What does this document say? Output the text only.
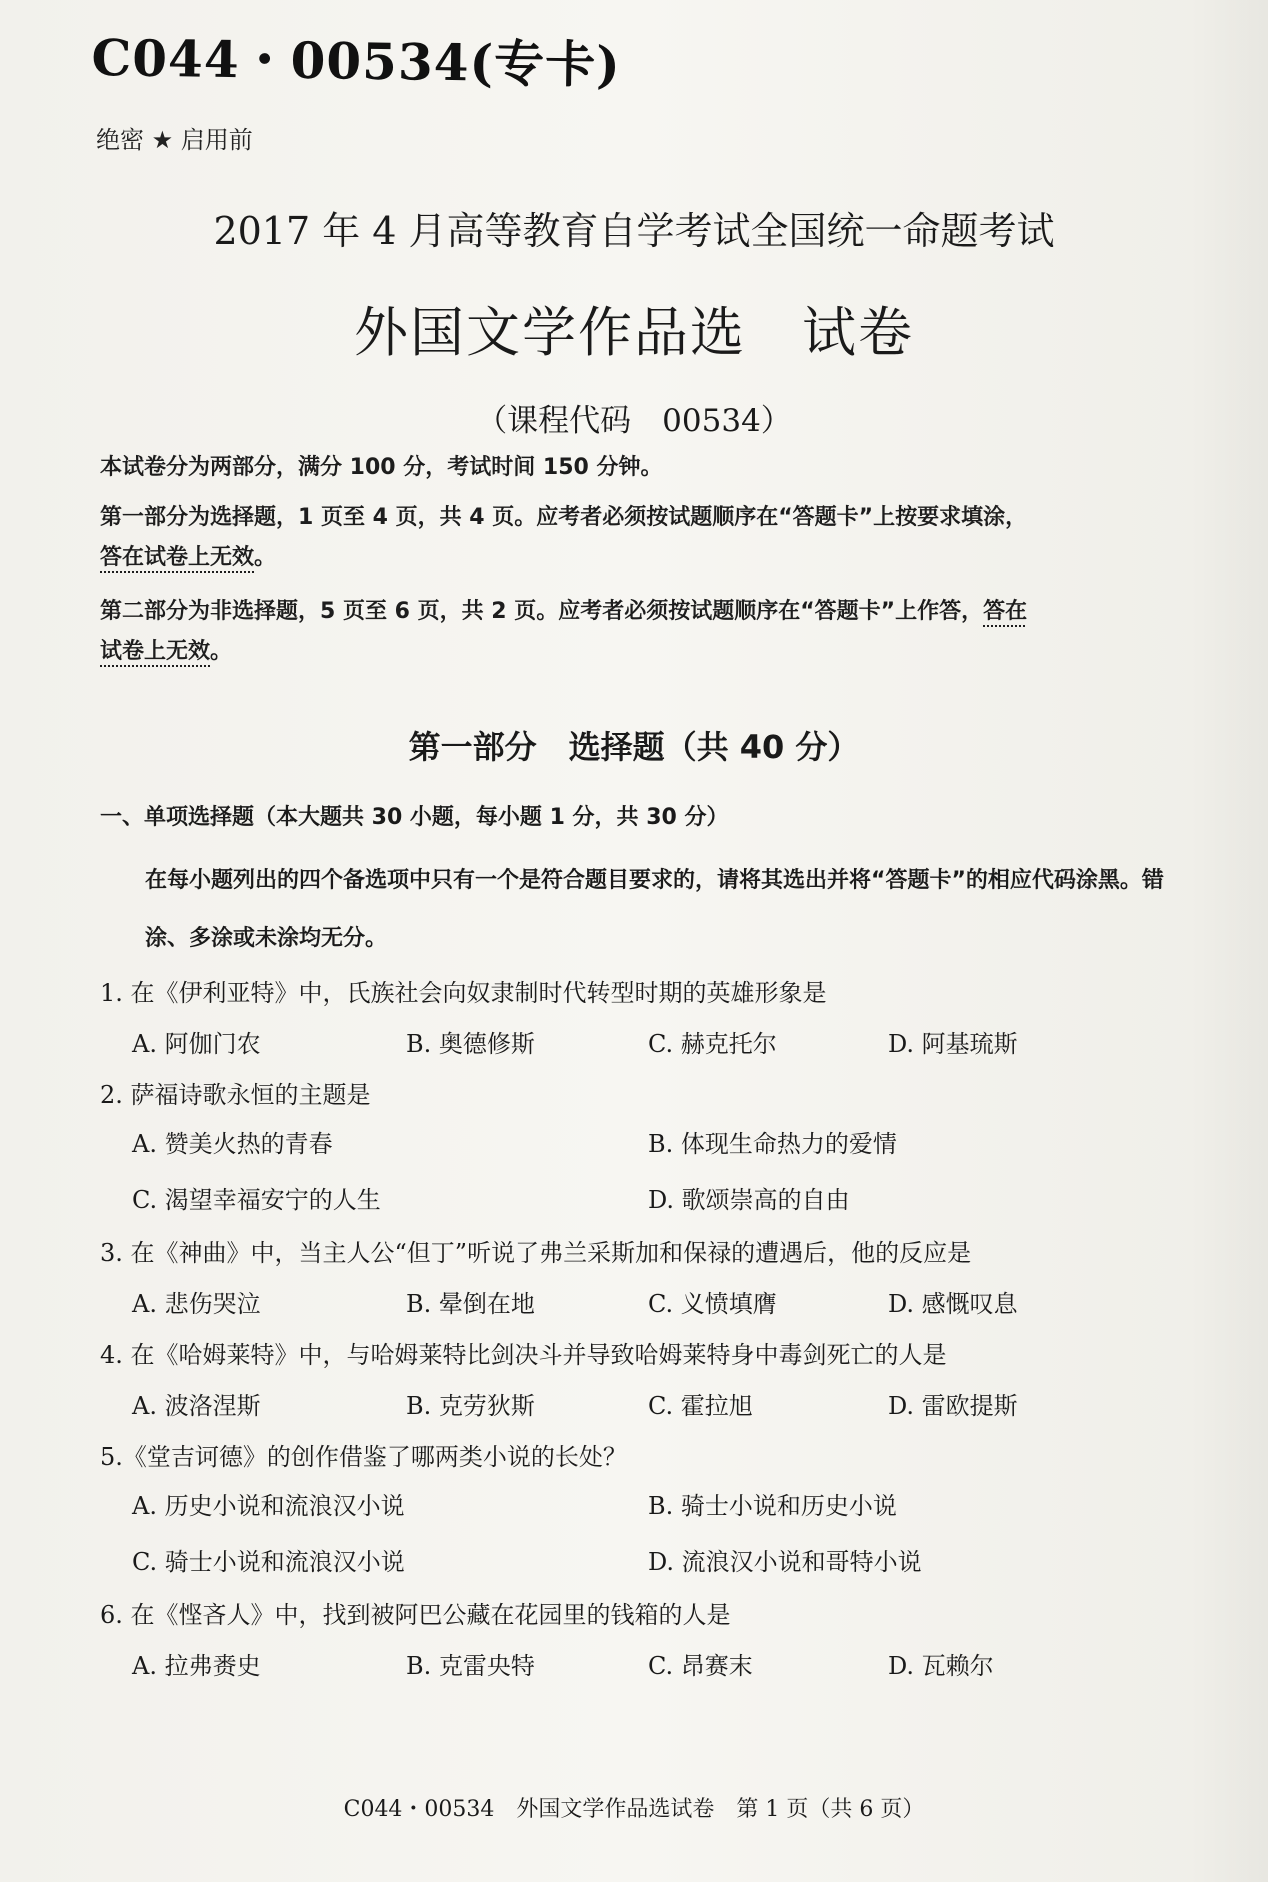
C044・00534(专卡)
绝密 ★ 启用前
2017 年 4 月高等教育自学考试全国统一命题考试
外国文学作品选　试卷
（课程代码　00534）

本试卷分为两部分，满分 100 分，考试时间 150 分钟。

第一部分为选择题，1 页至 4 页，共 4 页。应考者必须按试题顺序在“答题卡”上按要求填涂，
答在试卷上无效。

第二部分为非选择题，5 页至 6 页，共 2 页。应考者必须按试题顺序在“答题卡”上作答，答在
试卷上无效。

第一部分　选择题（共 40 分）
一、单项选择题（本大题共 30 小题，每小题 1 分，共 30 分）
在每小题列出的四个备选项中只有一个是符合题目要求的，请将其选出并将“答题卡”的相应代码涂黑。错涂、多涂或未涂均无分。
1. 在《伊利亚特》中，氏族社会向奴隶制时代转型时期的英雄形象是
A. 阿伽门农	B. 奥德修斯	C. 赫克托尔	D. 阿基琉斯
2. 萨福诗歌永恒的主题是
A. 赞美火热的青春	B. 体现生命热力的爱情
C. 渴望幸福安宁的人生	D. 歌颂崇高的自由
3. 在《神曲》中，当主人公“但丁”听说了弗兰采斯加和保禄的遭遇后，他的反应是
A. 悲伤哭泣	B. 晕倒在地	C. 义愤填膺	D. 感慨叹息
4. 在《哈姆莱特》中，与哈姆莱特比剑决斗并导致哈姆莱特身中毒剑死亡的人是
A. 波洛涅斯	B. 克劳狄斯	C. 霍拉旭	D. 雷欧提斯
5.《堂吉诃德》的创作借鉴了哪两类小说的长处？
A. 历史小说和流浪汉小说	B. 骑士小说和历史小说
C. 骑士小说和流浪汉小说	D. 流浪汉小说和哥特小说
6. 在《悭吝人》中，找到被阿巴公藏在花园里的钱箱的人是
A. 拉弗赉史	B. 克雷央特	C. 昂赛末	D. 瓦赖尔
C044・00534　外国文学作品选试卷　第 1 页（共 6 页）
